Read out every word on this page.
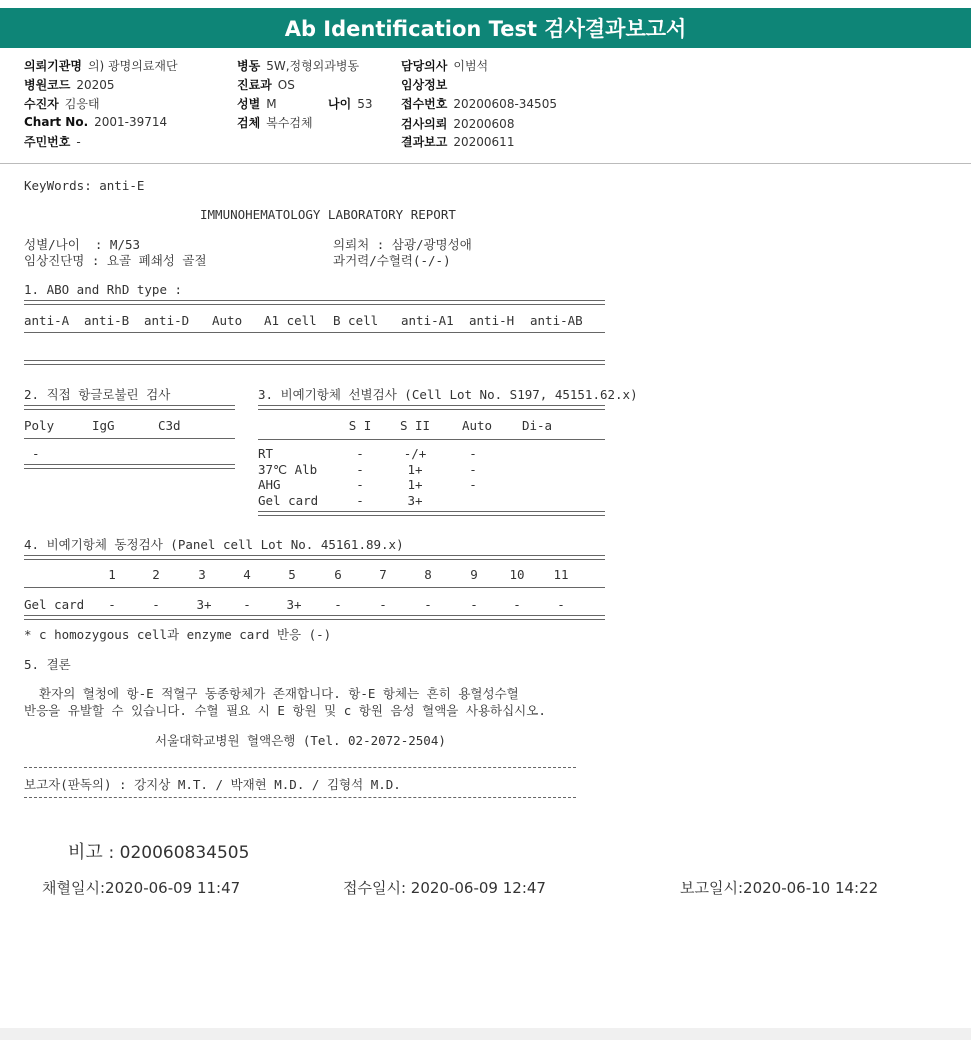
Ab Identification Test 검사결과보고서
의뢰기관명 의) 광명의료재단
병원코드 20205
수진자 김응태
Chart No. 2001-39714
주민번호 -
병동 5W,정형외과병동
진료과 OS
성별 M	나이 53
검체 복수검체
담당의사 이범석
임상정보
접수번호 20200608-34505
검사의뢰 20200608
결과보고 20200611
KeyWords: anti-E
IMMUNOHEMATOLOGY LABORATORY REPORT
성별/나이  : M/53	의뢰처 : 삼광/광명성애
임상진단명 : 요골 폐쇄성 골절	과거력/수혈력(-/-)
1. ABO and RhD type :
anti-A anti-B anti-D Auto A1 cell B cell anti-A1 anti-H anti-AB
2. 직접 항글로불린 검사
Poly	IgG	C3d
-
3. 비예기항체 선별검사 (Cell Lot No. S197, 45151.62.x)
S I	S II	Auto	Di-a
RT	-	-/+	-
37℃ Alb	-	1+	-
AHG	-	1+	-
Gel card	-	3+
4. 비예기항체 동정검사 (Panel cell Lot No. 45161.89.x)
1	2	3	4	5	6	7	8	9	10	11
Gel card	-	-	3+	-	3+	-	-	-	-	-	-
* c homozygous cell과 enzyme card 반응 (-)
5. 결론
환자의 혈청에 항-E 적혈구 동종항체가 존재합니다. 항-E 항체는 흔히 용혈성수혈
반응을 유발할 수 있습니다. 수혈 필요 시 E 항원 및 c 항원 음성 혈액을 사용하십시오.
서울대학교병원 혈액은행 (Tel. 02-2072-2504)
보고자(판독의) : 강지상 M.T. / 박재현 M.D. / 김형석 M.D.
비고 : 020060834505
채혈일시:2020-06-09 11:47	접수일시: 2020-06-09 12:47	보고일시:2020-06-10 14:22
